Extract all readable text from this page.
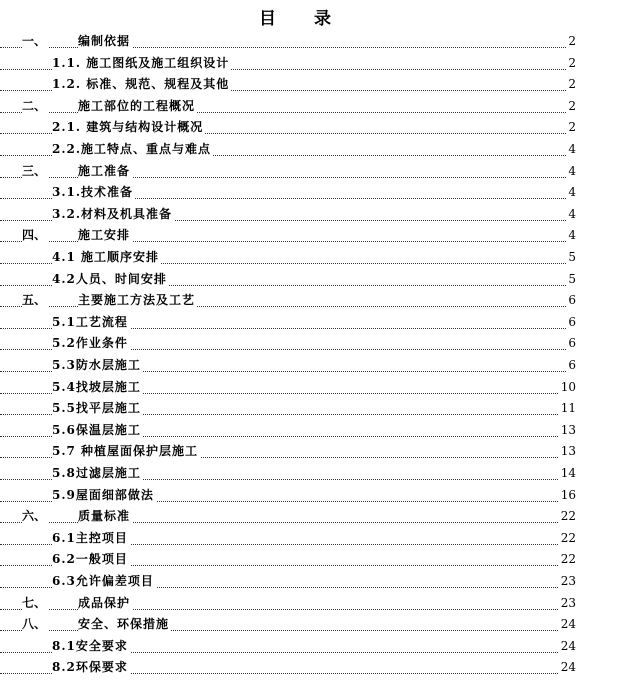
目 录
一、	编制依据	2
1.1. 施工图纸及施工组织设计	2
1.2. 标准、规范、规程及其他	2
二、	施工部位的工程概况	2
2.1. 建筑与结构设计概况	2
2.2.施工特点、重点与难点	4
三、	施工准备	4
3.1.技术准备	4
3.2.材料及机具准备	4
四、	施工安排	4
4.1 施工顺序安排	5
4.2人员、时间安排	5
五、	主要施工方法及工艺	6
5.1工艺流程	6
5.2作业条件	6
5.3防水层施工	6
5.4找坡层施工	10
5.5找平层施工	11
5.6保温层施工	13
5.7 种植屋面保护层施工	13
5.8过滤层施工	14
5.9屋面细部做法	16
六、	质量标准	22
6.1主控项目	22
6.2一般项目	22
6.3允许偏差项目	23
七、	成品保护	23
八、	安全、环保措施	24
8.1安全要求	24
8.2环保要求	24
